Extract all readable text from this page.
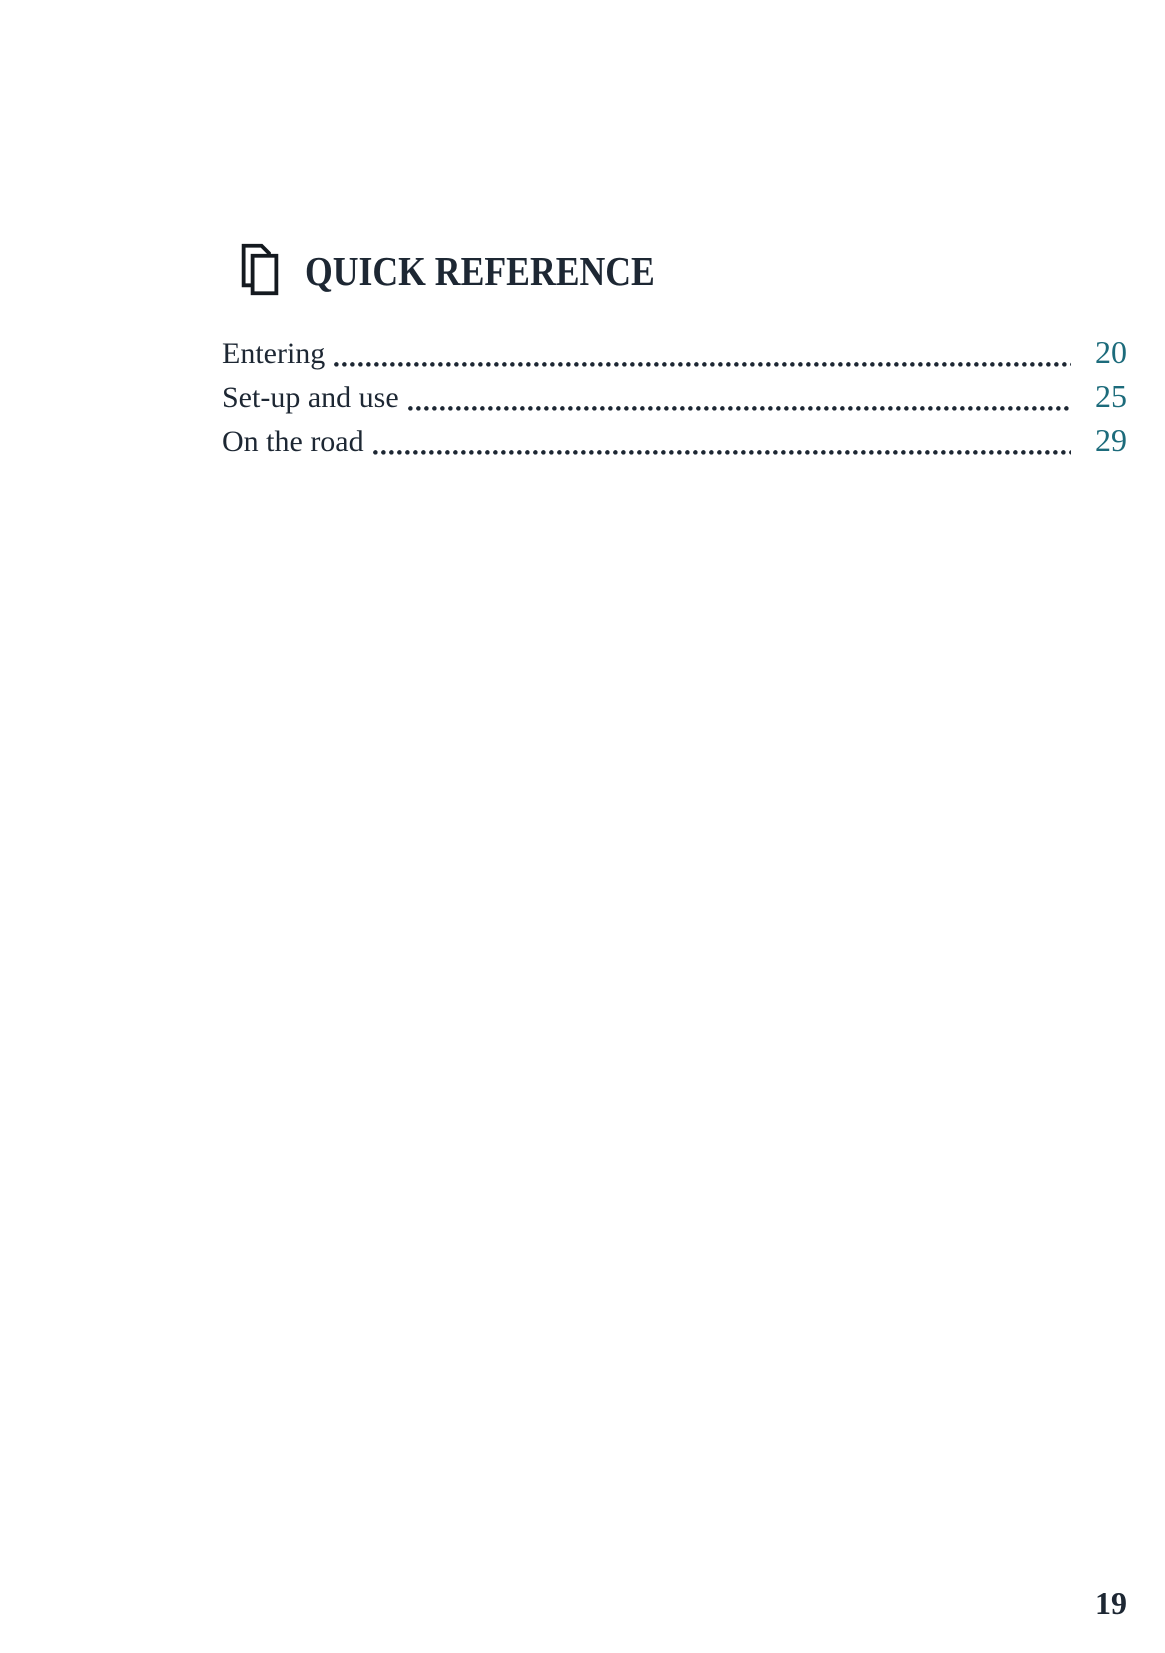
QUICK REFERENCE
Entering	20
Set-up and use	25
On the road	29
19
